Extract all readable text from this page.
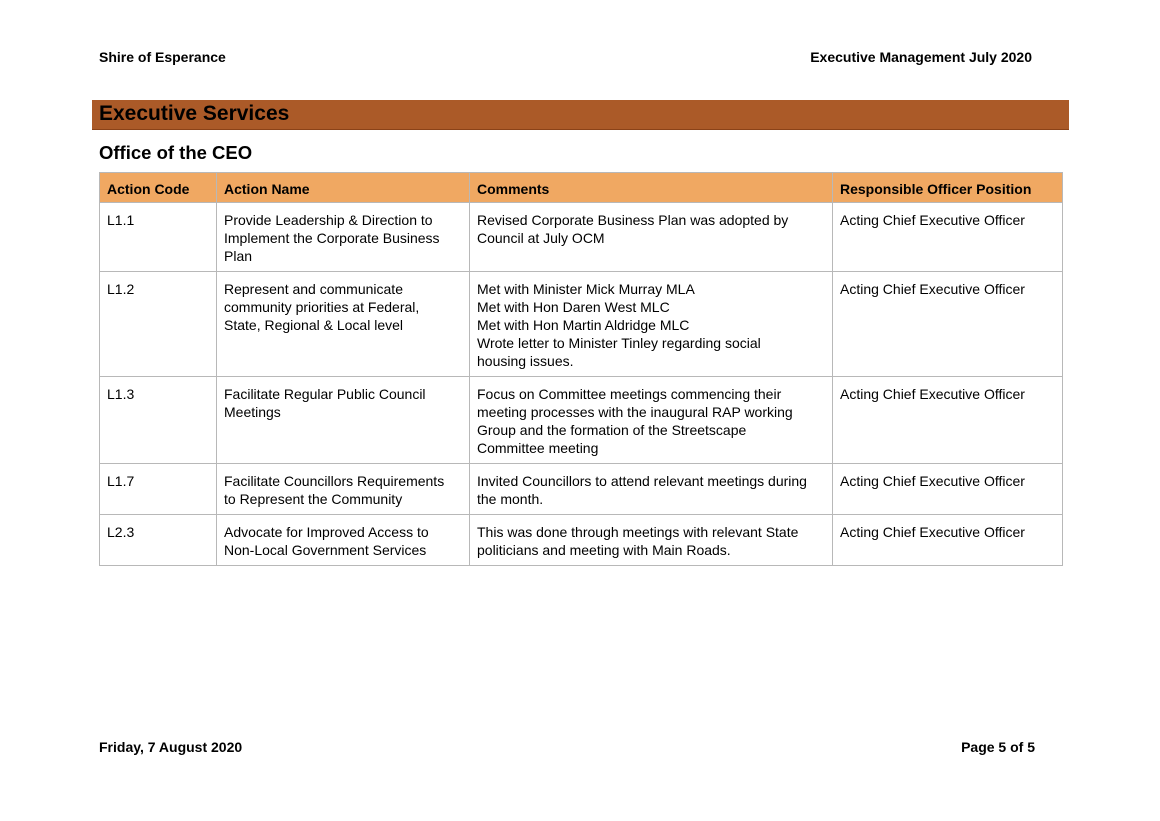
Shire of Esperance	Executive Management July 2020
Executive Services
Office of the CEO
Action Code	Action Name	Comments	Responsible Officer Position
L1.1	Provide Leadership & Direction to
Implement the Corporate Business
Plan	Revised Corporate Business Plan was adopted by
Council at July OCM	Acting Chief Executive Officer
L1.2	Represent and communicate
community priorities at Federal,
State, Regional & Local level	Met with Minister Mick Murray MLA
Met with Hon Daren West MLC
Met with Hon Martin Aldridge MLC
Wrote letter to Minister Tinley regarding social
housing issues.	Acting Chief Executive Officer
L1.3	Facilitate Regular Public Council
Meetings	Focus on Committee meetings commencing their
meeting processes with the inaugural RAP working
Group and the formation of the Streetscape
Committee meeting	Acting Chief Executive Officer
L1.7	Facilitate Councillors Requirements
to Represent the Community	Invited Councillors to attend relevant meetings during
the month.	Acting Chief Executive Officer
L2.3	Advocate for Improved Access to
Non-Local Government Services	This was done through meetings with relevant State
politicians and meeting with Main Roads.	Acting Chief Executive Officer
Friday, 7 August 2020	Page 5 of 5
